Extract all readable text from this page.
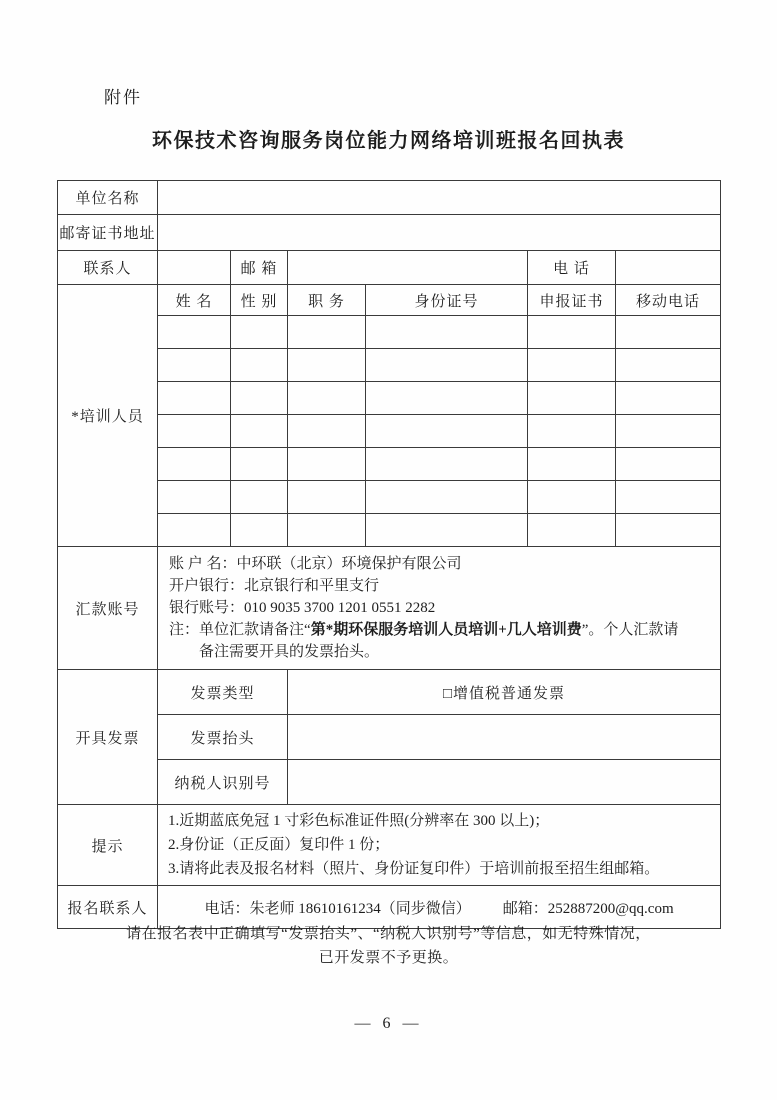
附件
环保技术咨询服务岗位能力网络培训班报名回执表
单位名称						
邮寄证书地址						
联系人		邮 箱			电 话	
*培训人员	姓 名	性 别	职 务	身份证号	申报证书	移动电话

汇款账号	
账 户 名：中环联（北京）环境保护有限公司
开户银行：北京银行和平里支行
银行账号：010 9035 3700 1201 0551 2282
注： 单位汇款请备注“第*期环保服务培训人员培训+几人培训费”。个人汇款请
备注需要开具的发票抬头。

开具发票	发票类型		□增值税普通发票			
	发票抬头					
	纳税人识别号					
提示	1.近期蓝底免冠 1 寸彩色标准证件照(分辨率在 300 以上)；
2.身份证（正反面）复印件 1 份；
3.请将此表及报名材料（照片、身份证复印件）于培训前报至招生组邮箱。					

报名联系人	电话：朱老师 18610161234（同步微信） 邮箱：252887200@qq.com					
请在报名表中正确填写“发票抬头”、“纳税人识别号”等信息，如无特殊情况，
已开发票不予更换。
— 6 —
